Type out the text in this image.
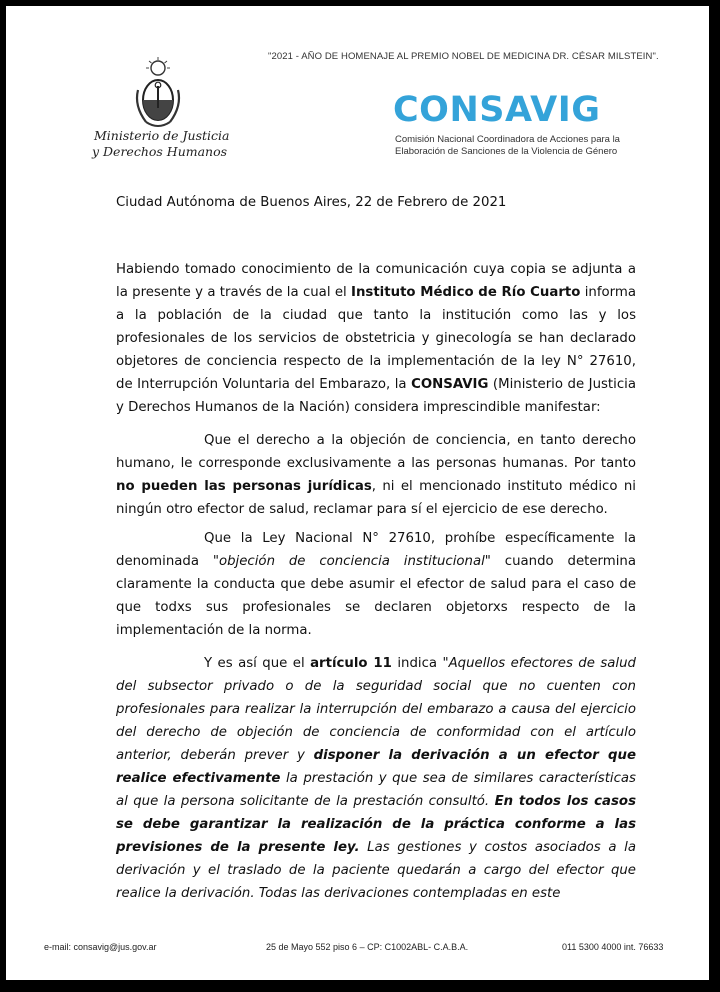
"2021 - AÑO DE HOMENAJE AL PREMIO NOBEL DE MEDICINA DR. CÉSAR MILSTEIN".
Ministerio de Justicia
y Derechos Humanos
CONSAVIG
Comisión Nacional Coordinadora de Acciones para la
Elaboración de Sanciones de la Violencia de Género
Ciudad Autónoma de Buenos Aires, 22 de Febrero de 2021

Habiendo tomado conocimiento de la comunicación cuya copia se adjunta a la presente y a través de la cual el Instituto Médico de Río Cuarto informa a la población de la ciudad que tanto la institución como las y los profesionales de los servicios de obstetricia y ginecología se han declarado objetores de conciencia respecto de la implementación de la ley N° 27610, de Interrupción Voluntaria del Embarazo, la CONSAVIG (Ministerio de Justicia y Derechos Humanos de la Nación) considera imprescindible manifestar:

Que el derecho a la objeción de conciencia, en tanto derecho humano, le corresponde exclusivamente a las personas humanas. Por tanto no pueden las personas jurídicas, ni el mencionado instituto médico ni ningún otro efector de salud, reclamar para sí el ejercicio de ese derecho.

Que la Ley Nacional N° 27610, prohíbe específicamente la denominada "objeción de conciencia institucional" cuando determina claramente la conducta que debe asumir el efector de salud para el caso de que todxs sus profesionales se declaren objetorxs respecto de la implementación de la norma.

Y es así que el artículo 11 indica "Aquellos efectores de salud del subsector privado o de la seguridad social que no cuenten con profesionales para realizar la interrupción del embarazo a causa del ejercicio del derecho de objeción de conciencia de conformidad con el artículo anterior, deberán prever y disponer la derivación a un efector que realice efectivamente la prestación y que sea de similares características al que la persona solicitante de la prestación consultó. En todos los casos se debe garantizar la realización de la práctica conforme a las previsiones de la presente ley. Las gestiones y costos asociados a la derivación y el traslado de la paciente quedarán a cargo del efector que realice la derivación. Todas las derivaciones contempladas en este

e-mail: consavig@jus.gov.ar	25 de Mayo 552 piso 6 – CP: C1002ABL- C.A.B.A.	011 5300 4000 int. 76633
